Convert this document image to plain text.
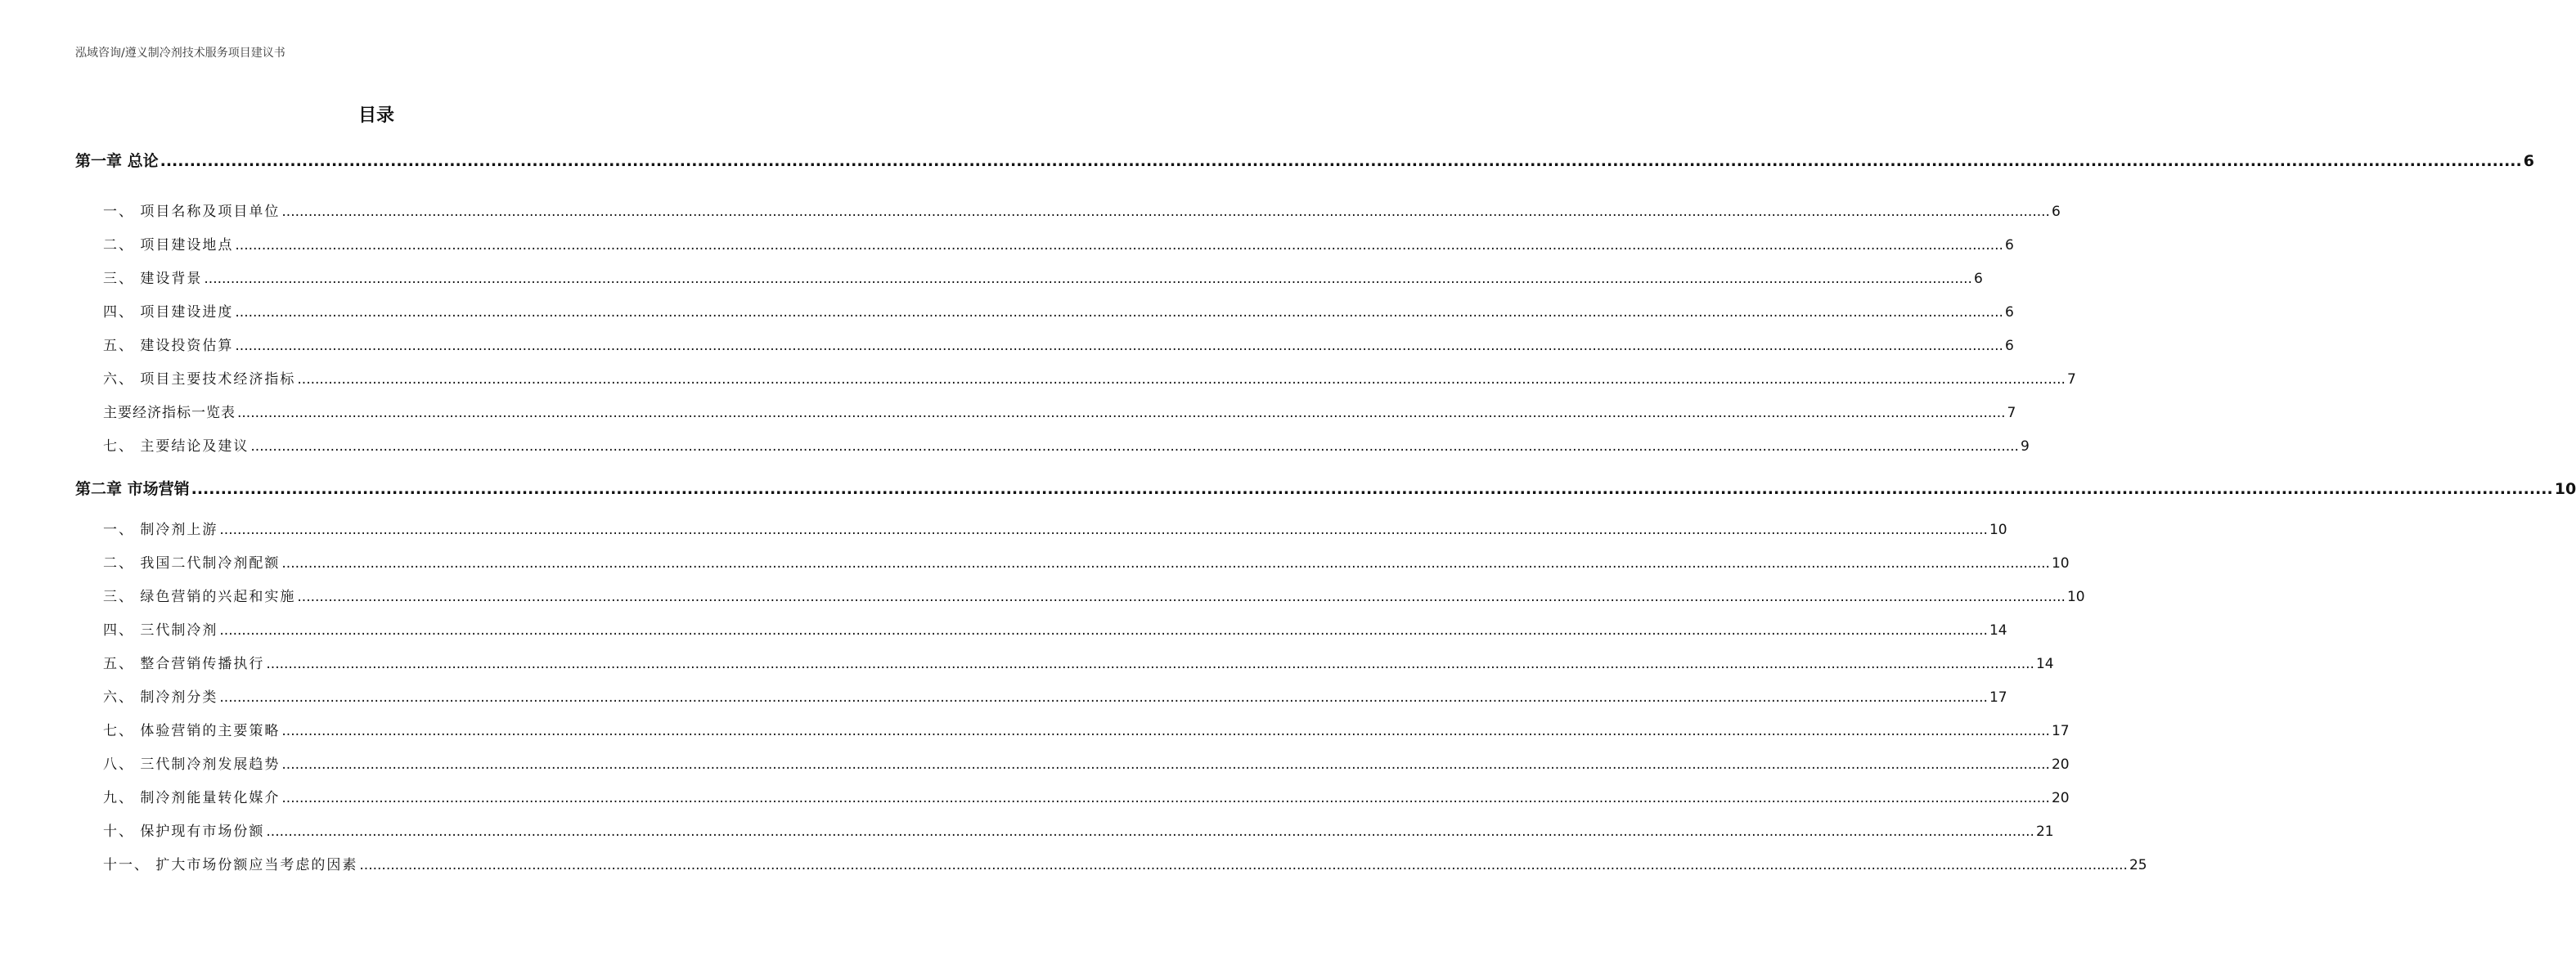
泓域咨询/遵义制冷剂技术服务项目建议书
目录
第一章 总论 ................................................................................................................................................................................................................................................................................................................................................................................................................ 6
一、 项目名称及项目单位 ................................................................................................................................................................................................................................................................................................................................................................................................................ 6
二、 项目建设地点 ................................................................................................................................................................................................................................................................................................................................................................................................................ 6
三、 建设背景 ................................................................................................................................................................................................................................................................................................................................................................................................................ 6
四、 项目建设进度 ................................................................................................................................................................................................................................................................................................................................................................................................................ 6
五、 建设投资估算 ................................................................................................................................................................................................................................................................................................................................................................................................................ 6
六、 项目主要技术经济指标 ................................................................................................................................................................................................................................................................................................................................................................................................................ 7
主要经济指标一览表 ................................................................................................................................................................................................................................................................................................................................................................................................................ 7
七、 主要结论及建议 ................................................................................................................................................................................................................................................................................................................................................................................................................ 9
第二章 市场营销 ................................................................................................................................................................................................................................................................................................................................................................................................................ 10
一、 制冷剂上游 ................................................................................................................................................................................................................................................................................................................................................................................................................ 10
二、 我国二代制冷剂配额 ................................................................................................................................................................................................................................................................................................................................................................................................................ 10
三、 绿色营销的兴起和实施 ................................................................................................................................................................................................................................................................................................................................................................................................................ 10
四、 三代制冷剂 ................................................................................................................................................................................................................................................................................................................................................................................................................ 14
五、 整合营销传播执行 ................................................................................................................................................................................................................................................................................................................................................................................................................ 14
六、 制冷剂分类 ................................................................................................................................................................................................................................................................................................................................................................................................................ 17
七、 体验营销的主要策略 ................................................................................................................................................................................................................................................................................................................................................................................................................ 17
八、 三代制冷剂发展趋势 ................................................................................................................................................................................................................................................................................................................................................................................................................ 20
九、 制冷剂能量转化媒介 ................................................................................................................................................................................................................................................................................................................................................................................................................ 20
十、 保护现有市场份额 ................................................................................................................................................................................................................................................................................................................................................................................................................ 21
十一、 扩大市场份额应当考虑的因素 ................................................................................................................................................................................................................................................................................................................................................................................................................ 25
